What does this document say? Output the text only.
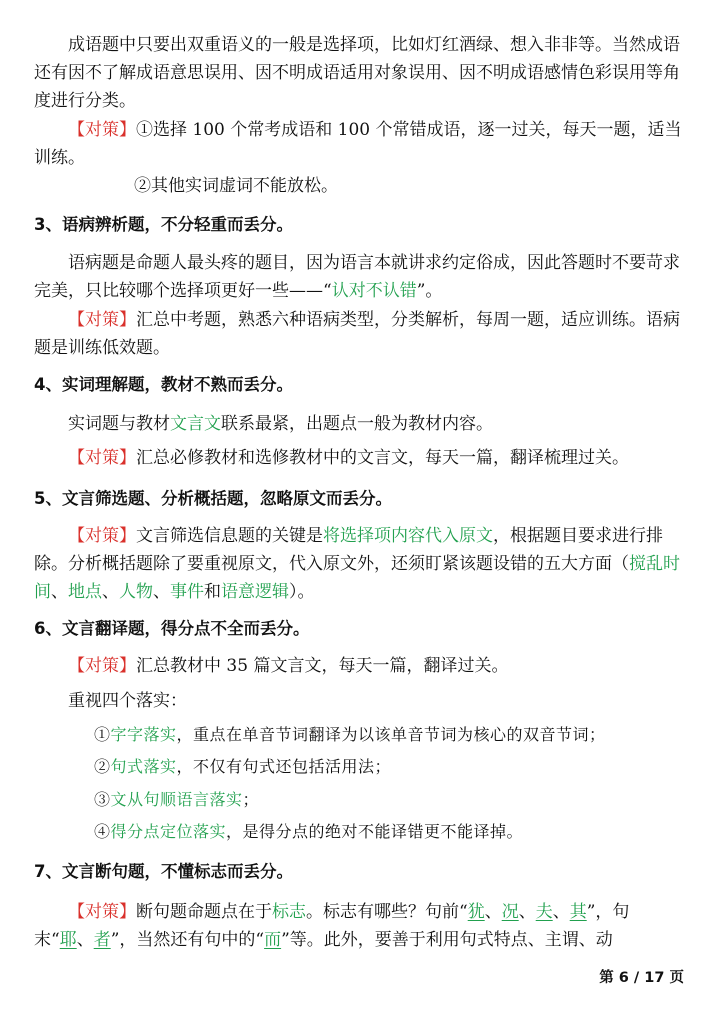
成语题中只要出双重语义的一般是选择项，比如灯红酒绿、想入非非等。当然成语还有因不了解成语意思误用、因不明成语适用对象误用、因不明成语感情色彩误用等角度进行分类。

【对策】①选择 100 个常考成语和 100 个常错成语，逐一过关，每天一题，适当训练。

②其他实词虚词不能放松。

3、语病辨析题，不分轻重而丢分。

语病题是命题人最头疼的题目，因为语言本就讲求约定俗成，因此答题时不要苛求完美，只比较哪个选择项更好一些——“认对不认错”。

【对策】汇总中考题，熟悉六种语病类型，分类解析，每周一题，适应训练。语病题是训练低效题。

4、实词理解题，教材不熟而丢分。

实词题与教材文言文联系最紧，出题点一般为教材内容。

【对策】汇总必修教材和选修教材中的文言文，每天一篇，翻译梳理过关。

5、文言筛选题、分析概括题，忽略原文而丢分。

【对策】文言筛选信息题的关键是将选择项内容代入原文，根据题目要求进行排除。分析概括题除了要重视原文，代入原文外，还须盯紧该题设错的五大方面（搅乱时间、地点、人物、事件和语意逻辑）。

6、文言翻译题，得分点不全而丢分。

【对策】汇总教材中 35 篇文言文，每天一篇，翻译过关。

重视四个落实：

①字字落实，重点在单音节词翻译为以该单音节词为核心的双音节词；

②句式落实，不仅有句式还包括活用法；

③文从句顺语言落实；

④得分点定位落实，是得分点的绝对不能译错更不能译掉。

7、文言断句题，不懂标志而丢分。

【对策】断句题命题点在于标志。标志有哪些？句前“犹、况、夫、其”，句末“耶、者”，当然还有句中的“而”等。此外，要善于利用句式特点、主谓、动

第 6 / 17 页
